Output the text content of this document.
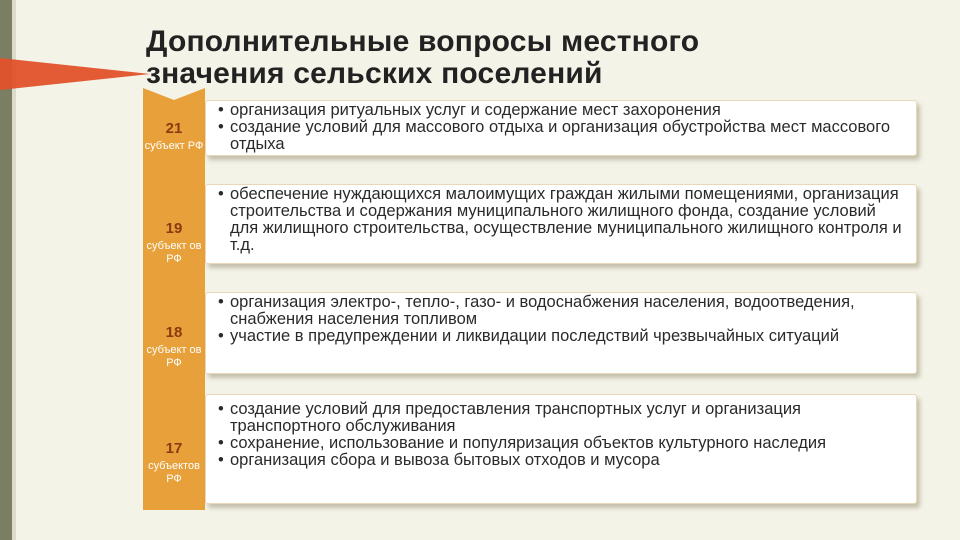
Дополнительные вопросы местного
значения сельских поселений
21
субъект РФ
19
субъект ов РФ
18
субъект ов РФ
17
субъектов РФ
• организация ритуальных услуг и содержание мест захоронения
• создание условий для массового отдыха и организация обустройства мест массового отдыха
• обеспечение нуждающихся малоимущих граждан жилыми помещениями, организация строительства и содержания муниципального жилищного фонда, создание условий для жилищного строительства, осуществление муниципального жилищного контроля и т.д.
• организация электро-, тепло-, газо- и водоснабжения населения, водоотведения, снабжения населения топливом
• участие в предупреждении и ликвидации последствий чрезвычайных ситуаций
• создание условий для предоставления транспортных услуг и организация транспортного обслуживания
• сохранение, использование и популяризация объектов культурного наследия
• организация сбора и вывоза бытовых отходов и мусора
